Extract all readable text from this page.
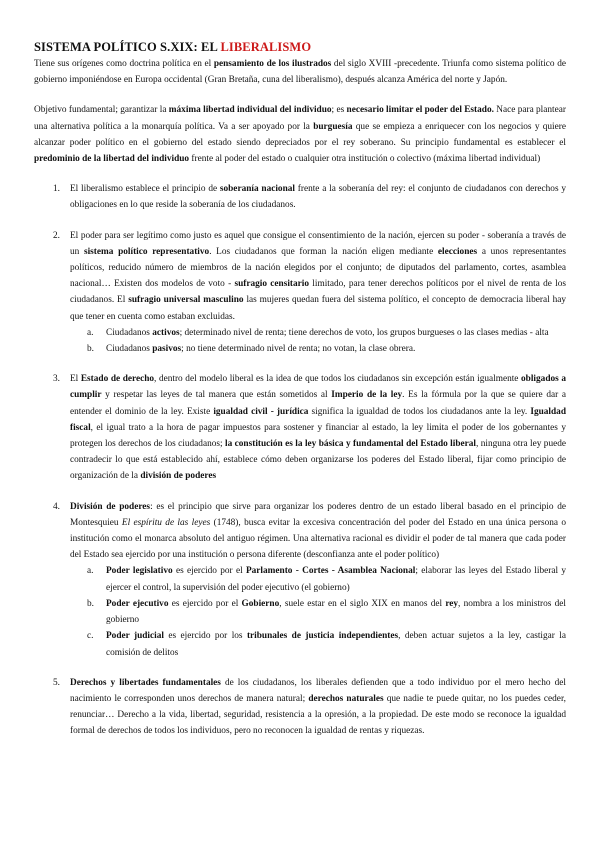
SISTEMA POLÍTICO S.XIX: EL LIBERALISMO

Tiene sus orígenes como doctrina política en el pensamiento de los ilustrados del siglo XVIII -precedente. Triunfa como sistema político de gobierno imponiéndose en Europa occidental (Gran Bretaña, cuna del liberalismo), después alcanza América del norte y Japón.

Objetivo fundamental; garantizar la máxima libertad individual del individuo; es necesario limitar el poder del Estado. Nace para plantear una alternativa política a la monarquía política. Va a ser apoyado por la burguesía que se empieza a enriquecer con los negocios y quiere alcanzar poder político en el gobierno del estado siendo depreciados por el rey soberano. Su principio fundamental es establecer el predominio de la libertad del individuo frente al poder del estado o cualquier otra institución o colectivo (máxima libertad individual)

1. El liberalismo establece el principio de soberanía nacional frente a la soberanía del rey: el conjunto de ciudadanos con derechos y obligaciones en lo que reside la soberanía de los ciudadanos.
2. El poder para ser legítimo como justo es aquel que consigue el consentimiento de la nación, ejercen su poder - soberanía a través de un sistema político representativo. Los ciudadanos que forman la nación eligen mediante elecciones a unos representantes políticos, reducido número de miembros de la nación elegidos por el conjunto; de diputados del parlamento, cortes, asamblea nacional… Existen dos modelos de voto - sufragio censitario limitado, para tener derechos políticos por el nivel de renta de los ciudadanos. El sufragio universal masculino las mujeres quedan fuera del sistema político, el concepto de democracia liberal hay que tener en cuenta como estaban excluidas.
a. Ciudadanos activos; determinado nivel de renta; tiene derechos de voto, los grupos burgueses o las clases medias - alta
b. Ciudadanos pasivos; no tiene determinado nivel de renta; no votan, la clase obrera.
3. El Estado de derecho, dentro del modelo liberal es la idea de que todos los ciudadanos sin excepción están igualmente obligados a cumplir y respetar las leyes de tal manera que están sometidos al Imperio de la ley. Es la fórmula por la que se quiere dar a entender el dominio de la ley. Existe igualdad civil - jurídica significa la igualdad de todos los ciudadanos ante la ley. Igualdad fiscal, el igual trato a la hora de pagar impuestos para sostener y financiar al estado, la ley limita el poder de los gobernantes y protegen los derechos de los ciudadanos; la constitución es la ley básica y fundamental del Estado liberal, ninguna otra ley puede contradecir lo que está establecido ahí, establece cómo deben organizarse los poderes del Estado liberal, fijar como principio de organización de la división de poderes
4. División de poderes: es el principio que sirve para organizar los poderes dentro de un estado liberal basado en el principio de Montesquieu El espíritu de las leyes (1748), busca evitar la excesiva concentración del poder del Estado en una única persona o institución como el monarca absoluto del antiguo régimen. Una alternativa racional es dividir el poder de tal manera que cada poder del Estado sea ejercido por una institución o persona diferente (desconfianza ante el poder político)
a. Poder legislativo es ejercido por el Parlamento - Cortes - Asamblea Nacional; elaborar las leyes del Estado liberal y ejercer el control, la supervisión del poder ejecutivo (el gobierno)
b. Poder ejecutivo es ejercido por el Gobierno, suele estar en el siglo XIX en manos del rey, nombra a los ministros del gobierno
c. Poder judicial es ejercido por los tribunales de justicia independientes, deben actuar sujetos a la ley, castigar la comisión de delitos
5. Derechos y libertades fundamentales de los ciudadanos, los liberales defienden que a todo individuo por el mero hecho del nacimiento le corresponden unos derechos de manera natural; derechos naturales que nadie te puede quitar, no los puedes ceder, renunciar… Derecho a la vida, libertad, seguridad, resistencia a la opresión, a la propiedad. De este modo se reconoce la igualdad formal de derechos de todos los individuos, pero no reconocen la igualdad de rentas y riquezas.
